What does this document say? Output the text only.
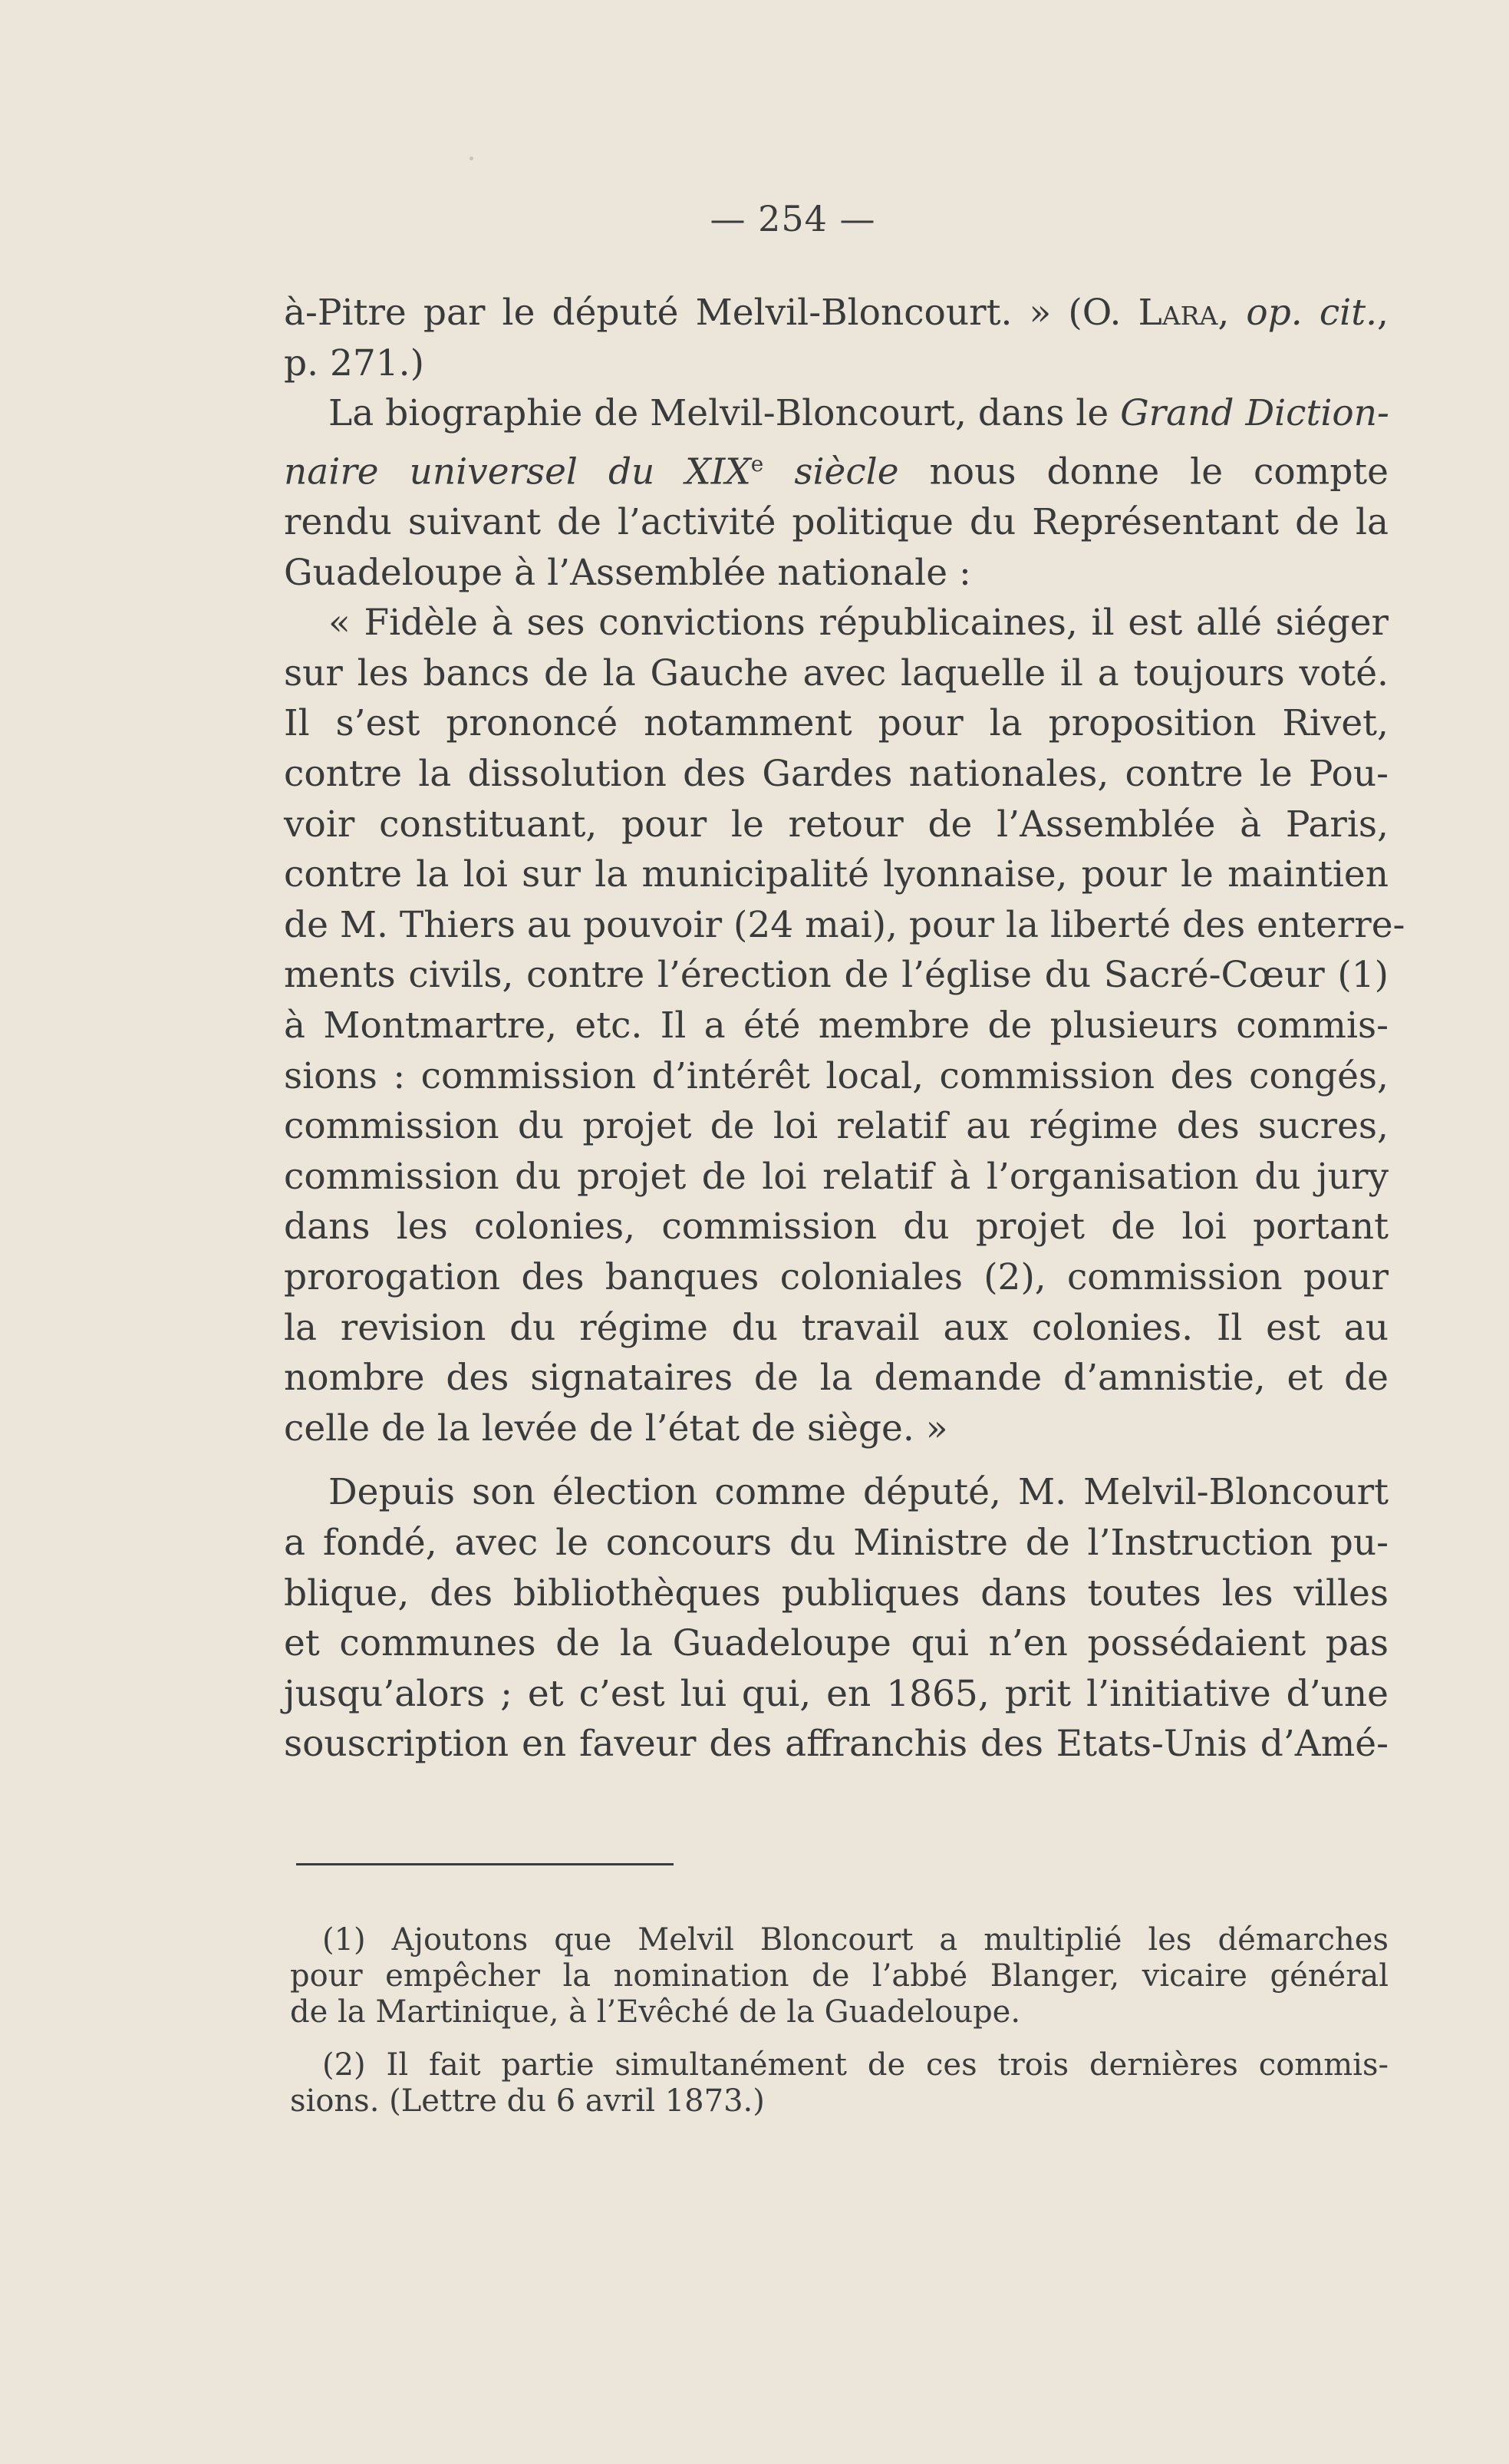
— 254 —
à-Pitre par le député Melvil-Bloncourt. » (O. Lara, op. cit.,
p. 271.)
La biographie de Melvil-Bloncourt, dans le Grand Diction-
naire universel du XIXe siècle nous donne le compte
rendu suivant de l’activité politique du Représentant de la
Guadeloupe à l’Assemblée nationale :
« Fidèle à ses convictions républicaines, il est allé siéger
sur les bancs de la Gauche avec laquelle il a toujours voté.
Il s’est prononcé notamment pour la proposition Rivet,
contre la dissolution des Gardes nationales, contre le Pou-
voir constituant, pour le retour de l’Assemblée à Paris,
contre la loi sur la municipalité lyonnaise, pour le maintien
de M. Thiers au pouvoir (24 mai), pour la liberté des enterre-
ments civils, contre l’érection de l’église du Sacré-Cœur (1)
à Montmartre, etc. Il a été membre de plusieurs commis-
sions : commission d’intérêt local, commission des congés,
commission du projet de loi relatif au régime des sucres,
commission du projet de loi relatif à l’organisation du jury
dans les colonies, commission du projet de loi portant
prorogation des banques coloniales (2), commission pour
la revision du régime du travail aux colonies. Il est au
nombre des signataires de la demande d’amnistie, et de
celle de la levée de l’état de siège. »
Depuis son élection comme député, M. Melvil-Bloncourt
a fondé, avec le concours du Ministre de l’Instruction pu-
blique, des bibliothèques publiques dans toutes les villes
et communes de la Guadeloupe qui n’en possédaient pas
jusqu’alors ; et c’est lui qui, en 1865, prit l’initiative d’une
souscription en faveur des affranchis des Etats-Unis d’Amé-
(1) Ajoutons que Melvil Bloncourt a multiplié les démarches
pour empêcher la nomination de l’abbé Blanger, vicaire général
de la Martinique, à l’Evêché de la Guadeloupe.
(2) Il fait partie simultanément de ces trois dernières commis-
sions. (Lettre du 6 avril 1873.)
